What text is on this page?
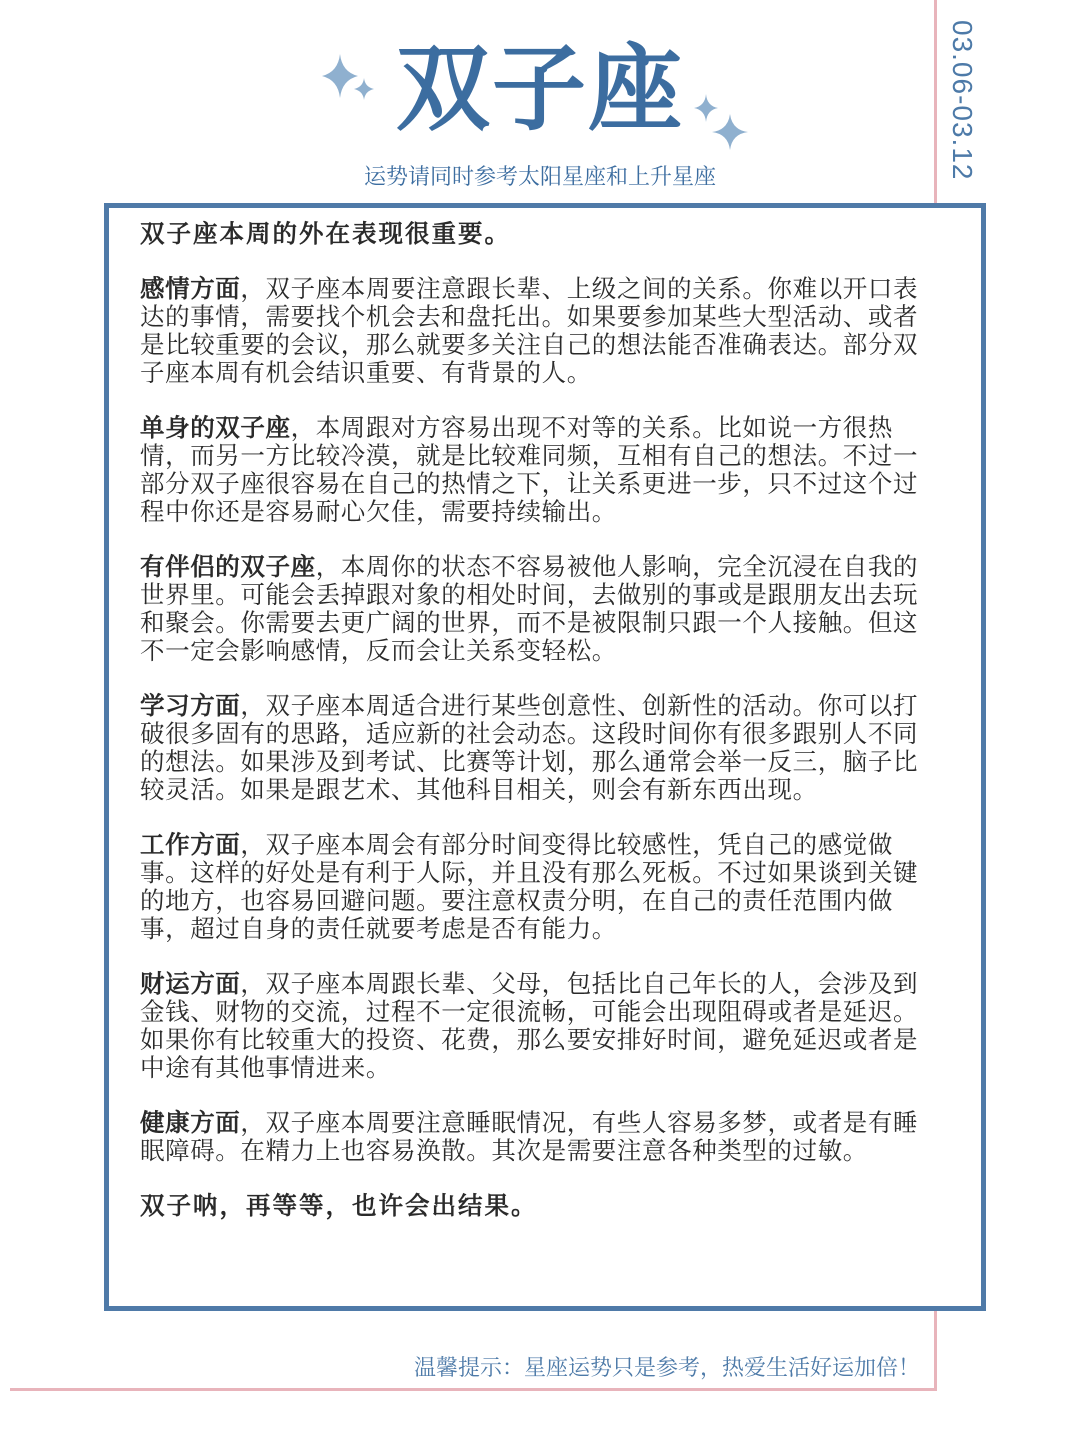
03.06-03.12
双子座
运势请同时参考太阳星座和上升星座

双子座本周的外在表现很重要。

感情方面，双子座本周要注意跟长辈、上级之间的关系。你难以开口表达的事情，需要找个机会去和盘托出。如果要参加某些大型活动、或者是比较重要的会议，那么就要多关注自己的想法能否准确表达。部分双子座本周有机会结识重要、有背景的人。

单身的双子座，本周跟对方容易出现不对等的关系。比如说一方很热情，而另一方比较冷漠，就是比较难同频，互相有自己的想法。不过一部分双子座很容易在自己的热情之下，让关系更进一步，只不过这个过程中你还是容易耐心欠佳，需要持续输出。

有伴侣的双子座，本周你的状态不容易被他人影响，完全沉浸在自我的世界里。可能会丢掉跟对象的相处时间，去做别的事或是跟朋友出去玩和聚会。你需要去更广阔的世界，而不是被限制只跟一个人接触。但这不一定会影响感情，反而会让关系变轻松。

学习方面，双子座本周适合进行某些创意性、创新性的活动。你可以打破很多固有的思路，适应新的社会动态。这段时间你有很多跟别人不同的想法。如果涉及到考试、比赛等计划，那么通常会举一反三，脑子比较灵活。如果是跟艺术、其他科目相关，则会有新东西出现。

工作方面，双子座本周会有部分时间变得比较感性，凭自己的感觉做事。这样的好处是有利于人际，并且没有那么死板。不过如果谈到关键的地方，也容易回避问题。要注意权责分明，在自己的责任范围内做事，超过自身的责任就要考虑是否有能力。

财运方面，双子座本周跟长辈、父母，包括比自己年长的人，会涉及到金钱、财物的交流，过程不一定很流畅，可能会出现阻碍或者是延迟。如果你有比较重大的投资、花费，那么要安排好时间，避免延迟或者是中途有其他事情进来。

健康方面，双子座本周要注意睡眠情况，有些人容易多梦，或者是有睡眠障碍。在精力上也容易涣散。其次是需要注意各种类型的过敏。

双子呐，再等等，也许会出结果。

温馨提示：星座运势只是参考，热爱生活好运加倍！
